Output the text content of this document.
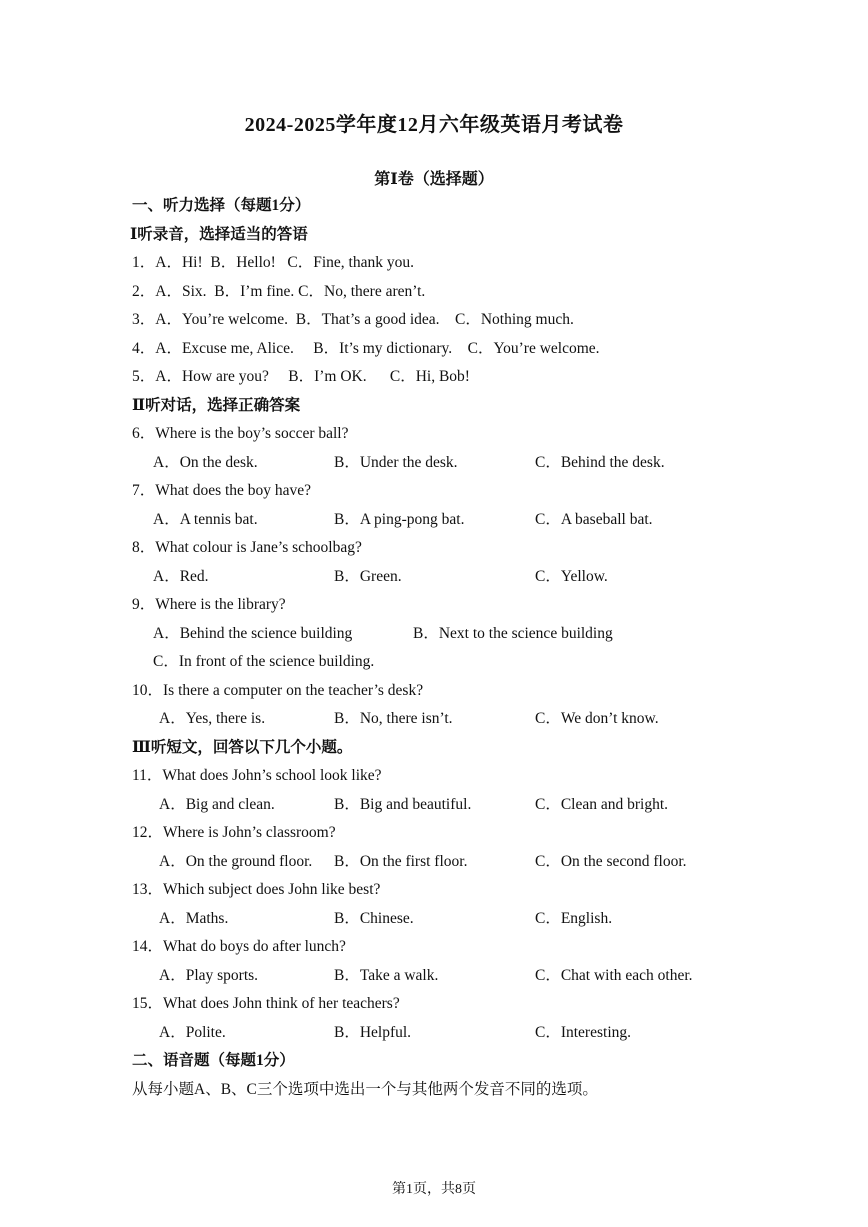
2024-2025学年度12月六年级英语月考试卷
第Ⅰ卷（选择题）
一、听力选择（每题1分）
Ⅰ听录音，选择适当的答语
1．A．Hi!  B．Hello!   C．Fine, thank you.
2．A．Six.  B．I’m fine. C．No, there aren’t.
3．A．You’re welcome.  B．That’s a good idea.    C．Nothing much.
4．A．Excuse me, Alice.     B．It’s my dictionary.    C．You’re welcome.
5．A．How are you?     B．I’m OK.      C．Hi, Bob!
Ⅱ听对话，选择正确答案
6．Where is the boy’s soccer ball?
A．On the desk.	B．Under the desk.	C．Behind the desk.
7．What does the boy have?
A．A tennis bat.	B．A ping-pong bat.	C．A baseball bat.
8．What colour is Jane’s schoolbag?
A．Red.	B．Green.	C．Yellow.
9．Where is the library?
A．Behind the science building	B．Next to the science building
C．In front of the science building.
10．Is there a computer on the teacher’s desk?
A．Yes, there is.	B．No, there isn’t.	C．We don’t know.
Ⅲ听短文，回答以下几个小题。
11．What does John’s school look like?
A．Big and clean.	B．Big and beautiful.	C．Clean and bright.
12．Where is John’s classroom?
A．On the ground floor. B．On the first floor.	C．On the second floor.
13．Which subject does John like best?
A．Maths.	B．Chinese.	C．English.
14．What do boys do after lunch?
A．Play sports.	B．Take a walk.	C．Chat with each other.
15．What does John think of her teachers?
A．Polite.	B．Helpful.	C．Interesting.
二、语音题（每题1分）
从每小题A、B、C三个选项中选出一个与其他两个发音不同的选项。
第1页，共8页
